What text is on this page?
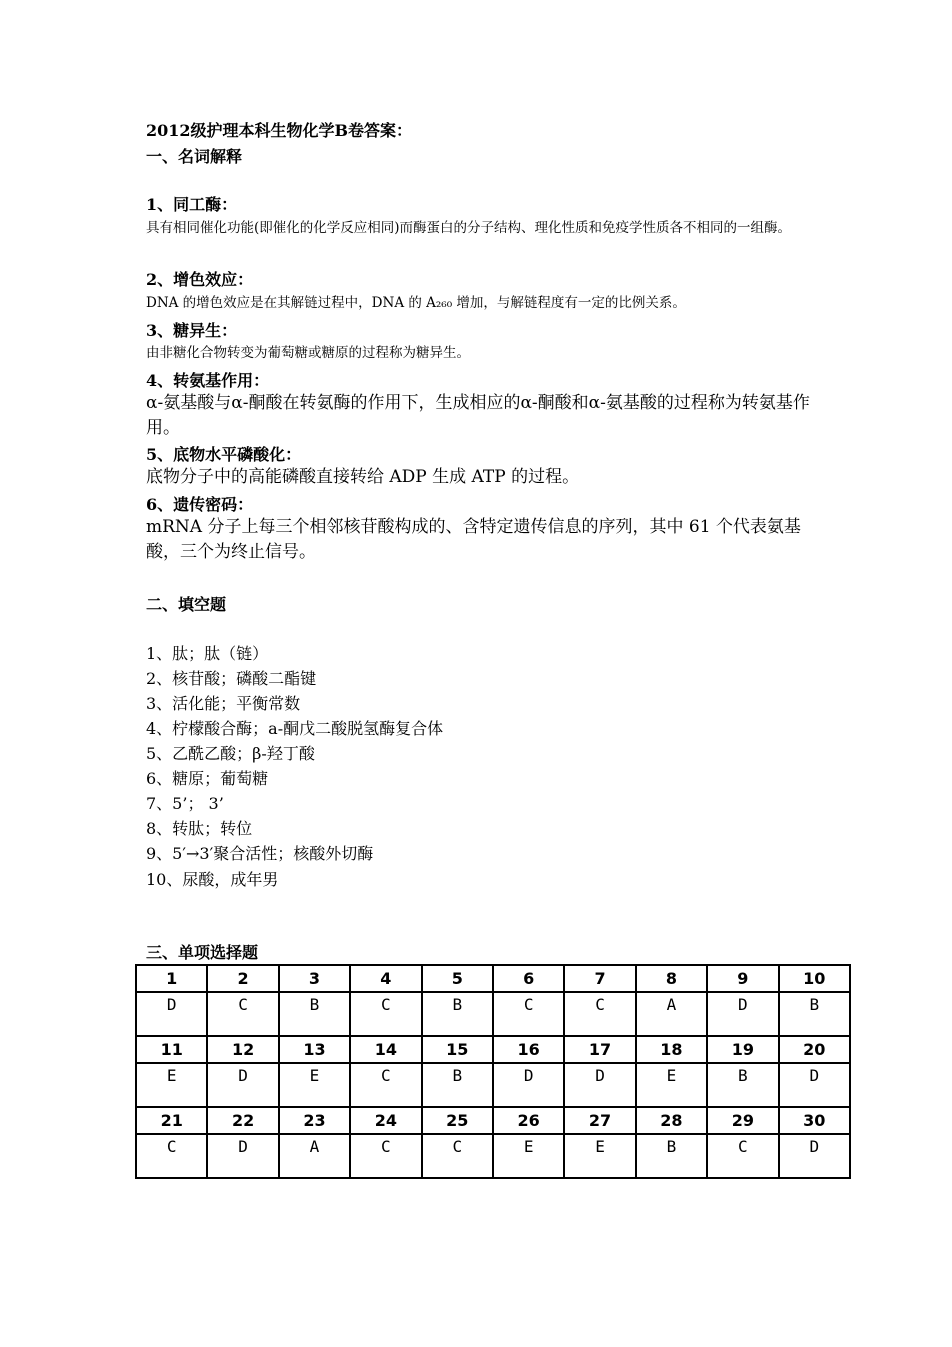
2012级护理本科生物化学B卷答案：
一、名词解释
1、同工酶：
具有相同催化功能(即催化的化学反应相同)而酶蛋白的分子结构、理化性质和免疫学性质各不相同的一组酶。
2、增色效应：
DNA 的增色效应是在其解链过程中，DNA 的 A₂₆₀ 增加，与解链程度有一定的比例关系。
3、糖异生：
由非糖化合物转变为葡萄糖或糖原的过程称为糖异生。
4、转氨基作用：
α-氨基酸与α-酮酸在转氨酶的作用下，生成相应的α-酮酸和α-氨基酸的过程称为转氨基作用。
5、底物水平磷酸化：
底物分子中的高能磷酸直接转给 ADP 生成 ATP 的过程。
6、遗传密码：
mRNA 分子上每三个相邻核苷酸构成的、含特定遗传信息的序列，其中 61 个代表氨基酸，三个为终止信号。
二、填空题
1、肽；肽（链）
2、核苷酸；磷酸二酯键
3、活化能；平衡常数
4、柠檬酸合酶；a-酮戊二酸脱氢酶复合体
5、乙酰乙酸；β-羟丁酸
6、糖原；葡萄糖
7、5’； 3’
8、转肽；转位
9、5′→3′聚合活性；核酸外切酶
10、尿酸，成年男
三、单项选择题
1	2	3	4	5	6	7	8	9	10
D	C	B	C	B	C	C	A	D	B
11	12	13	14	15	16	17	18	19	20
E	D	E	C	B	D	D	E	B	D
21	22	23	24	25	26	27	28	29	30
C	D	A	C	C	E	E	B	C	D
